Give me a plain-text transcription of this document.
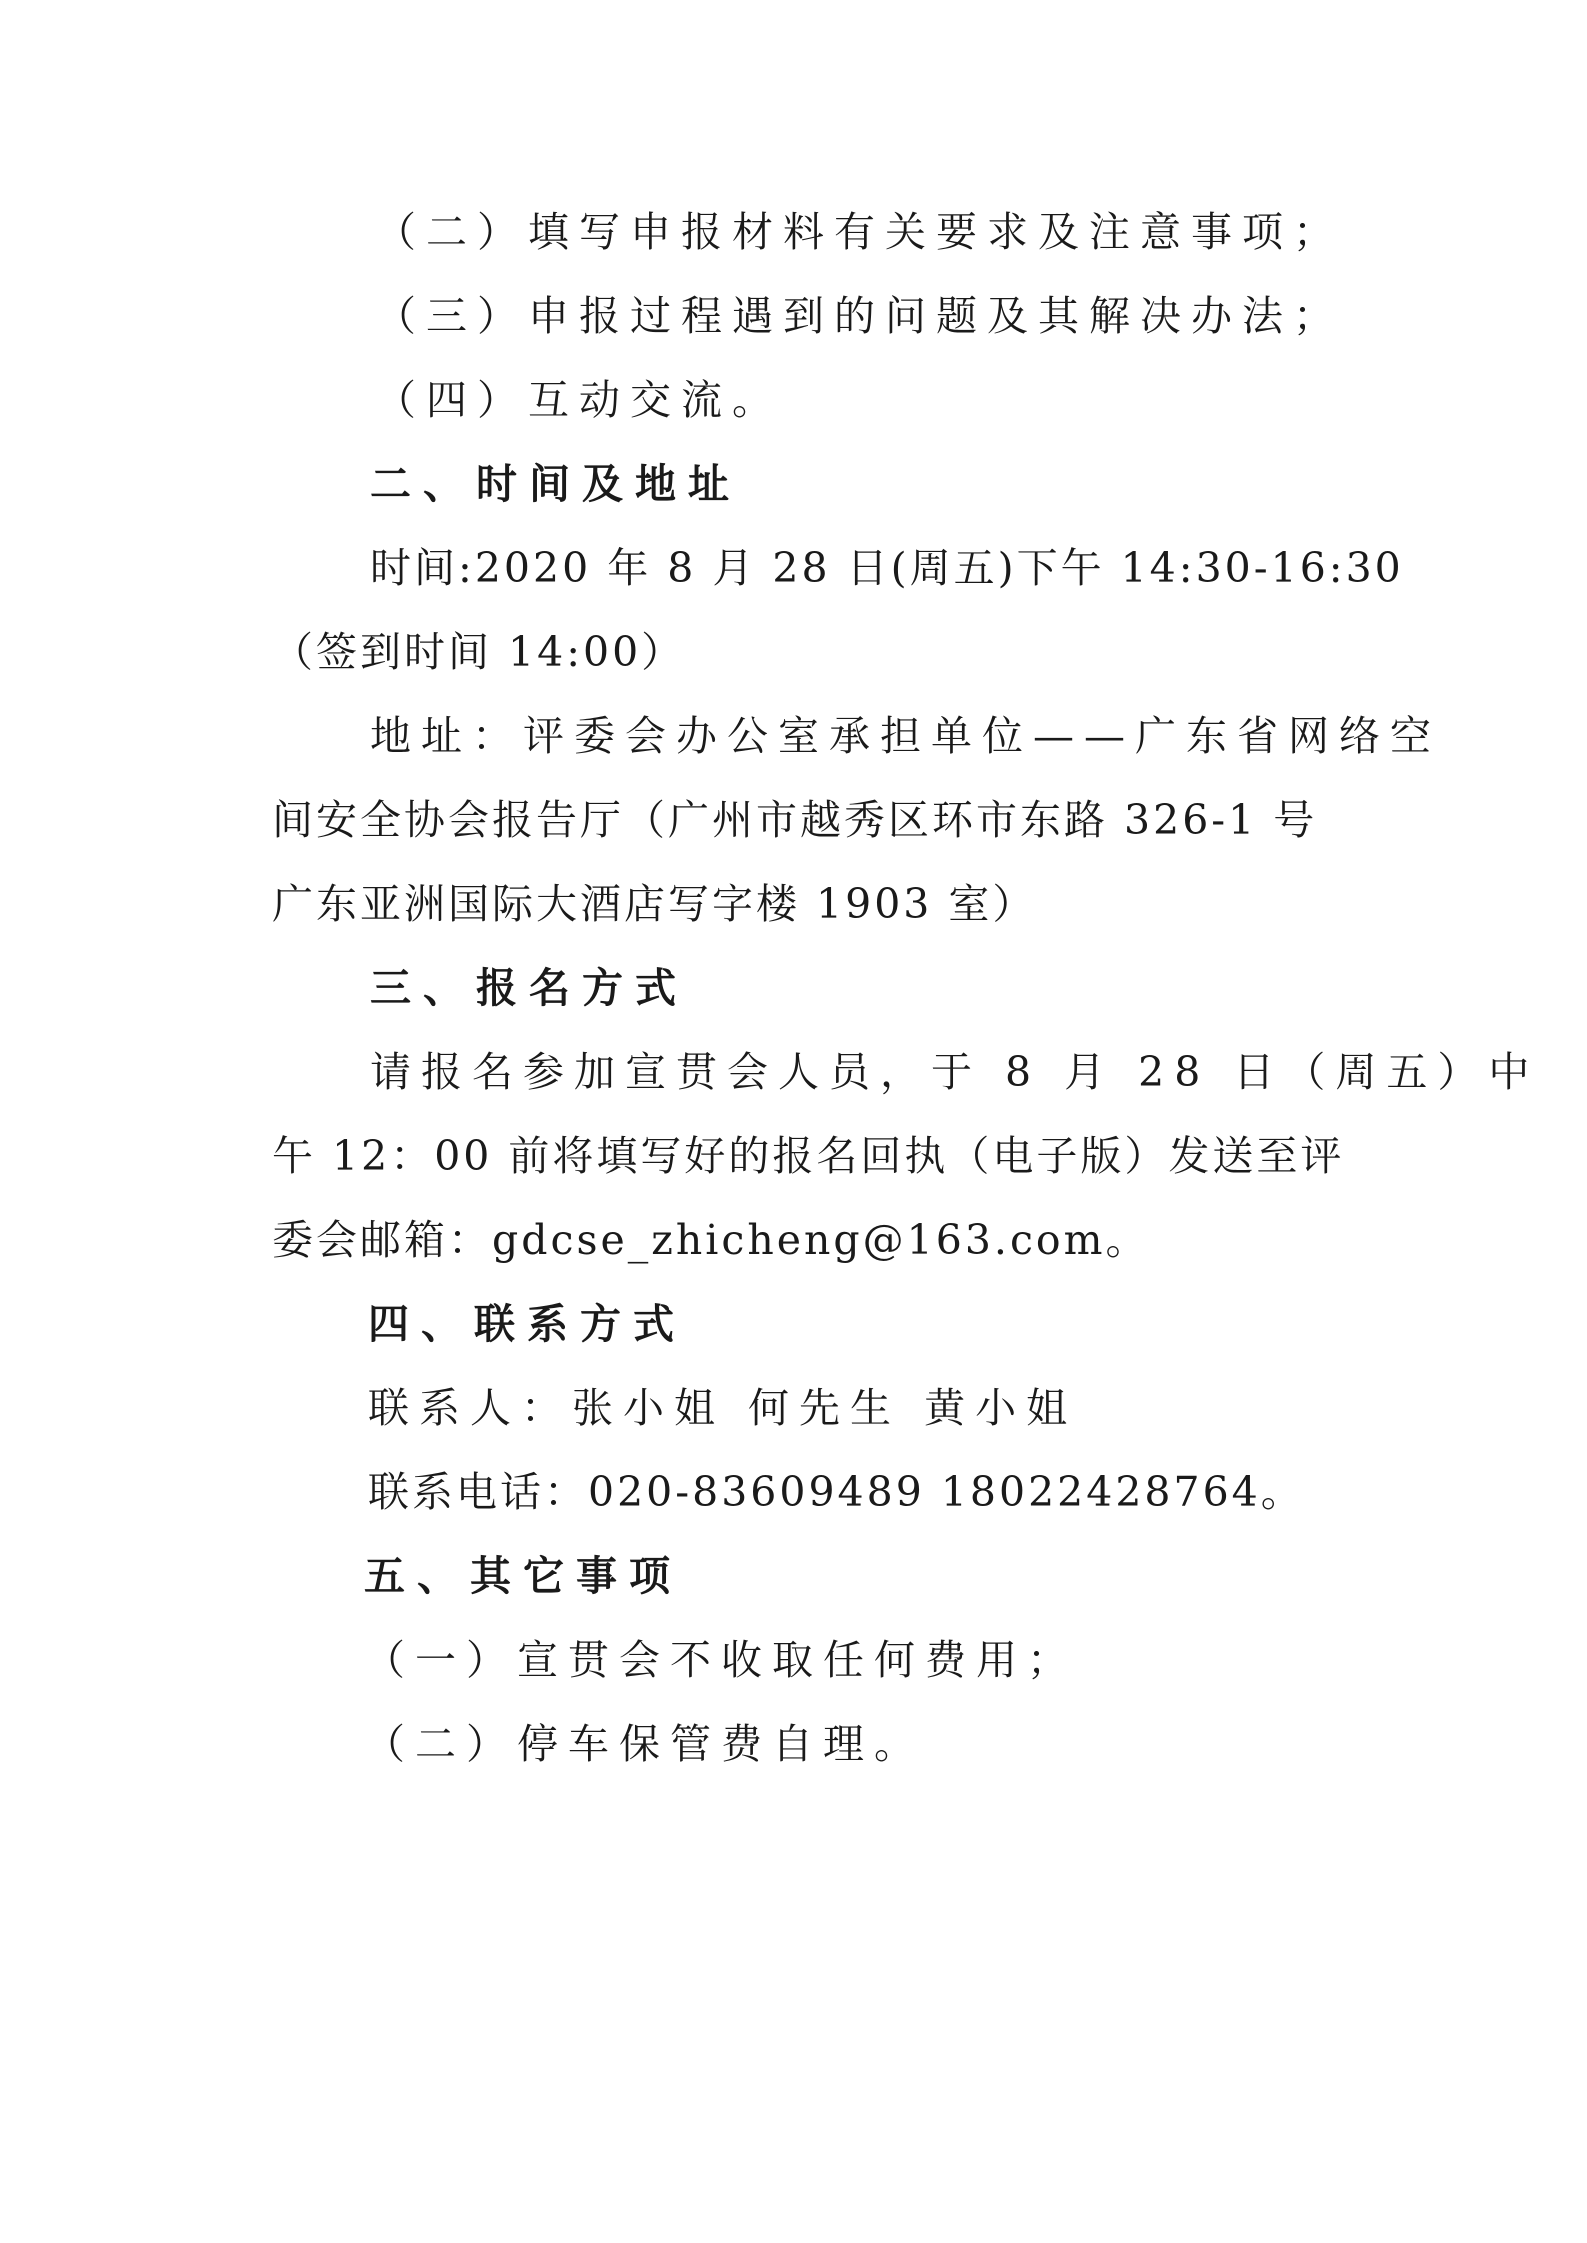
（二）填写申报材料有关要求及注意事项；
（三）申报过程遇到的问题及其解决办法；
（四）互动交流。
二、时间及地址
时间:2020 年 8 月 28 日(周五)下午 14:30-16:30
（签到时间 14:00）
地址：评委会办公室承担单位——广东省网络空
间安全协会报告厅（广州市越秀区环市东路 326-1 号
广东亚洲国际大酒店写字楼 1903 室）
三、报名方式
请报名参加宣贯会人员，于 8 月 28 日（周五）中
午 12：00 前将填写好的报名回执（电子版）发送至评
委会邮箱：gdcse_zhicheng@163.com。
四、联系方式
联系人：张小姐 何先生 黄小姐
联系电话：020-83609489 18022428764。
五、其它事项
（一）宣贯会不收取任何费用；
（二）停车保管费自理。
